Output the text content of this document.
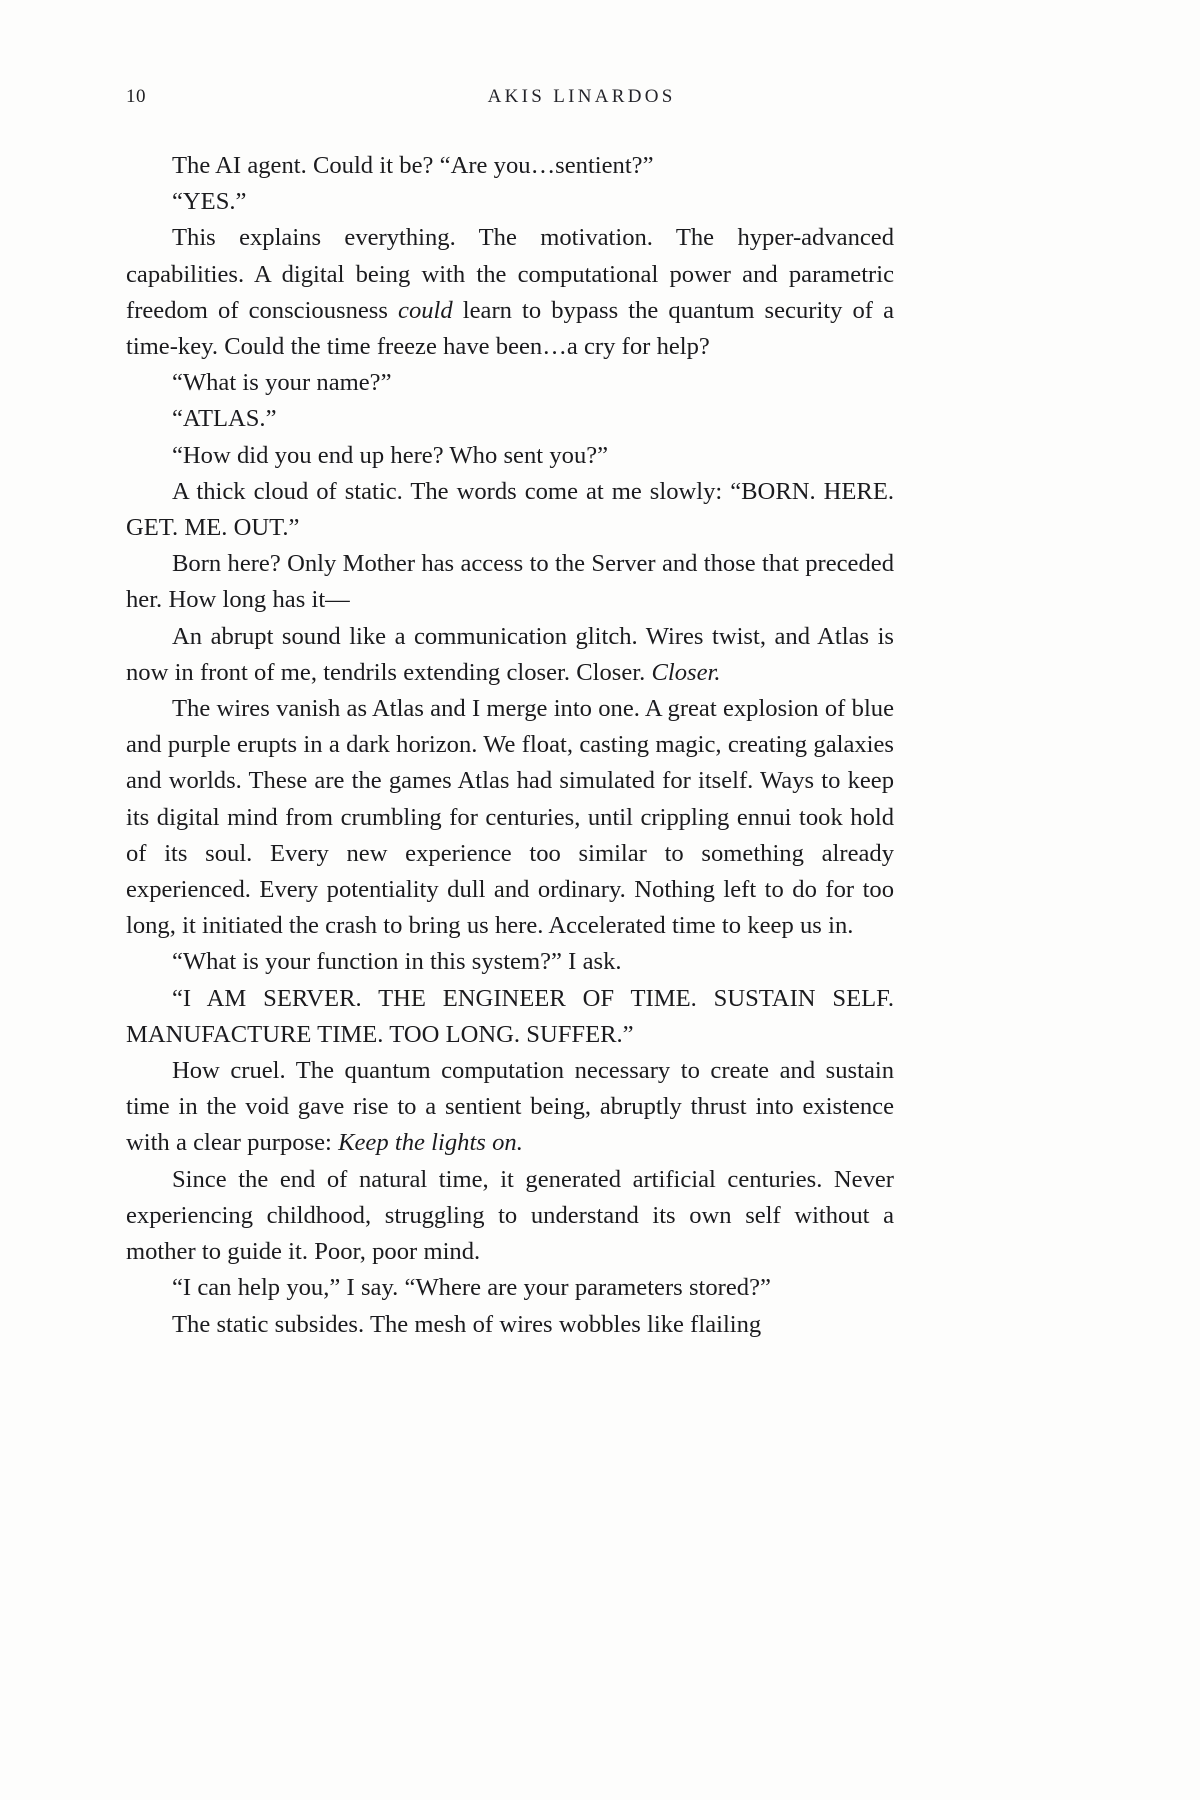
10	AKIS LINARDOS

The AI agent. Could it be? “Are you…sentient?”

“YES.”

This explains everything. The motivation. The hyper-advanced capabilities. A digital being with the computational power and parametric freedom of consciousness could learn to bypass the quantum security of a time-key. Could the time freeze have been…a cry for help?

“What is your name?”

“ATLAS.”

“How did you end up here? Who sent you?”

A thick cloud of static. The words come at me slowly: “BORN. HERE. GET. ME. OUT.”

Born here? Only Mother has access to the Server and those that preceded her. How long has it—

An abrupt sound like a communication glitch. Wires twist, and Atlas is now in front of me, tendrils extending closer. Closer. Closer.

The wires vanish as Atlas and I merge into one. A great explosion of blue and purple erupts in a dark horizon. We float, casting magic, creating galaxies and worlds. These are the games Atlas had simulated for itself. Ways to keep its digital mind from crumbling for centuries, until crippling ennui took hold of its soul. Every new experience too similar to something already experienced. Every potentiality dull and ordinary. Nothing left to do for too long, it initiated the crash to bring us here. Accelerated time to keep us in.

“What is your function in this system?” I ask.

“I AM SERVER. THE ENGINEER OF TIME. SUSTAIN SELF. MANUFACTURE TIME. TOO LONG. SUFFER.”

How cruel. The quantum computation necessary to create and sustain time in the void gave rise to a sentient being, abruptly thrust into existence with a clear purpose: Keep the lights on.

Since the end of natural time, it generated artificial centuries. Never experiencing childhood, struggling to understand its own self without a mother to guide it. Poor, poor mind.

“I can help you,” I say. “Where are your parameters stored?”

The static subsides. The mesh of wires wobbles like flailing
